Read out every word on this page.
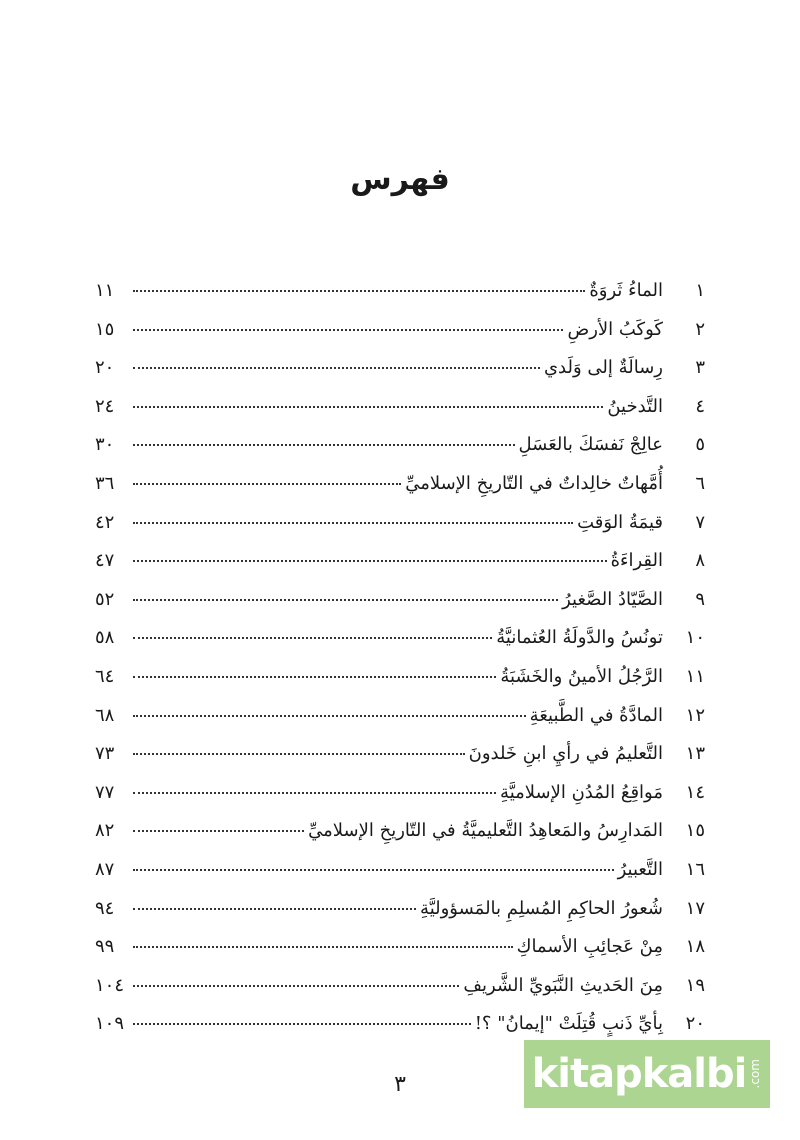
فهرس
١
الماءُ ثَروَةٌ
١١
٢
كَوكَبُ الأرضِ
١٥
٣
رِسالَةٌ إلى وَلَدي
٢٠
٤
التَّدخينُ
٢٤
٥
عالِجْ نَفسَكَ بالعَسَلِ
٣٠
٦
أُمَّهاتٌ خالِداتٌ في التّاريخِ الإسلاميِّ
٣٦
٧
قيمَةُ الوَقتِ
٤٢
٨
القِراءَةُ
٤٧
٩
الصَّيّادُ الصَّغيرُ
٥٢
١٠
تونُسُ والدَّولَةُ العُثمانيَّةُ
٥٨
١١
الرَّجُلُ الأمينُ والخَشَبَةُ
٦٤
١٢
المادَّةُ في الطَّبيعَةِ
٦٨
١٣
التَّعليمُ في رأيِ ابنِ خَلدونَ
٧٣
١٤
مَواقِعُ المُدُنِ الإسلاميَّةِ
٧٧
١٥
المَدارِسُ والمَعاهِدُ التَّعليميَّةُ في التّاريخِ الإسلاميِّ
٨٢
١٦
التَّعبيرُ
٨٧
١٧
شُعورُ الحاكِمِ المُسلِمِ بالمَسؤوليَّةِ
٩٤
١٨
مِنْ عَجائِبِ الأسماكِ
٩٩
١٩
مِنَ الحَديثِ النَّبَويِّ الشَّريفِ
١٠٤
٢٠
بِأيِّ ذَنبٍ قُتِلَتْ "إيمانُ" ؟!
١٠٩
٣	kitapkalbi .com
